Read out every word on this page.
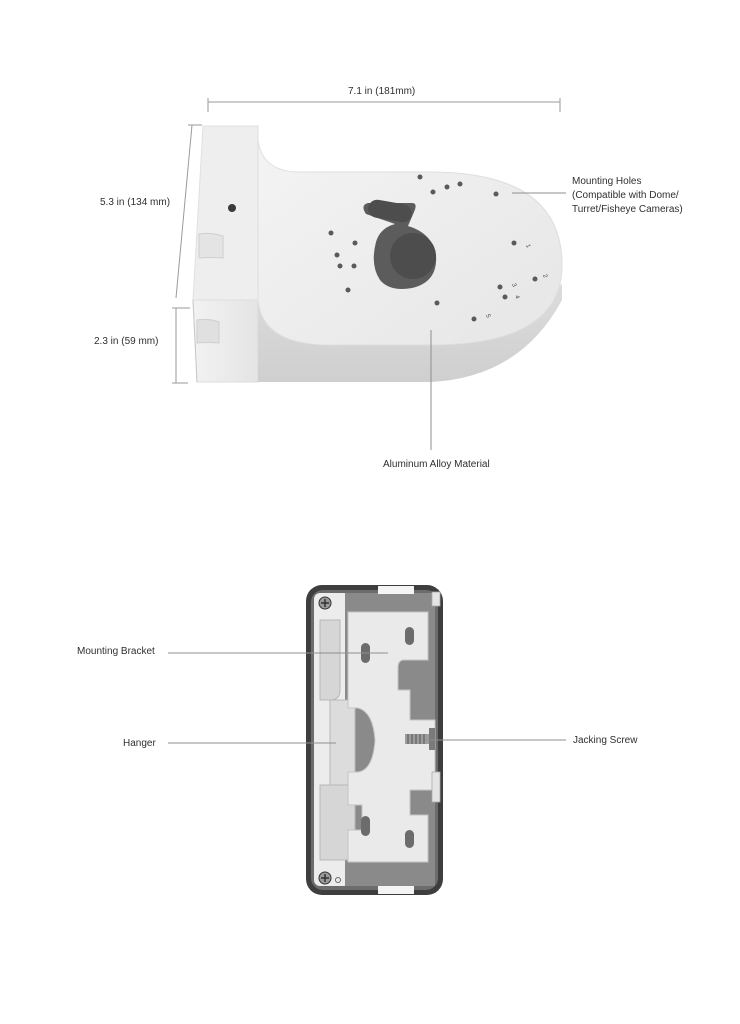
1
2
3
4
5
7.1 in (181mm)
5.3 in (134 mm)
2.3 in (59 mm)
Mounting Holes
(Compatible with Dome/
Turret/Fisheye Cameras)
Aluminum Alloy Material
Mounting Bracket
Hanger	Jacking Screw
